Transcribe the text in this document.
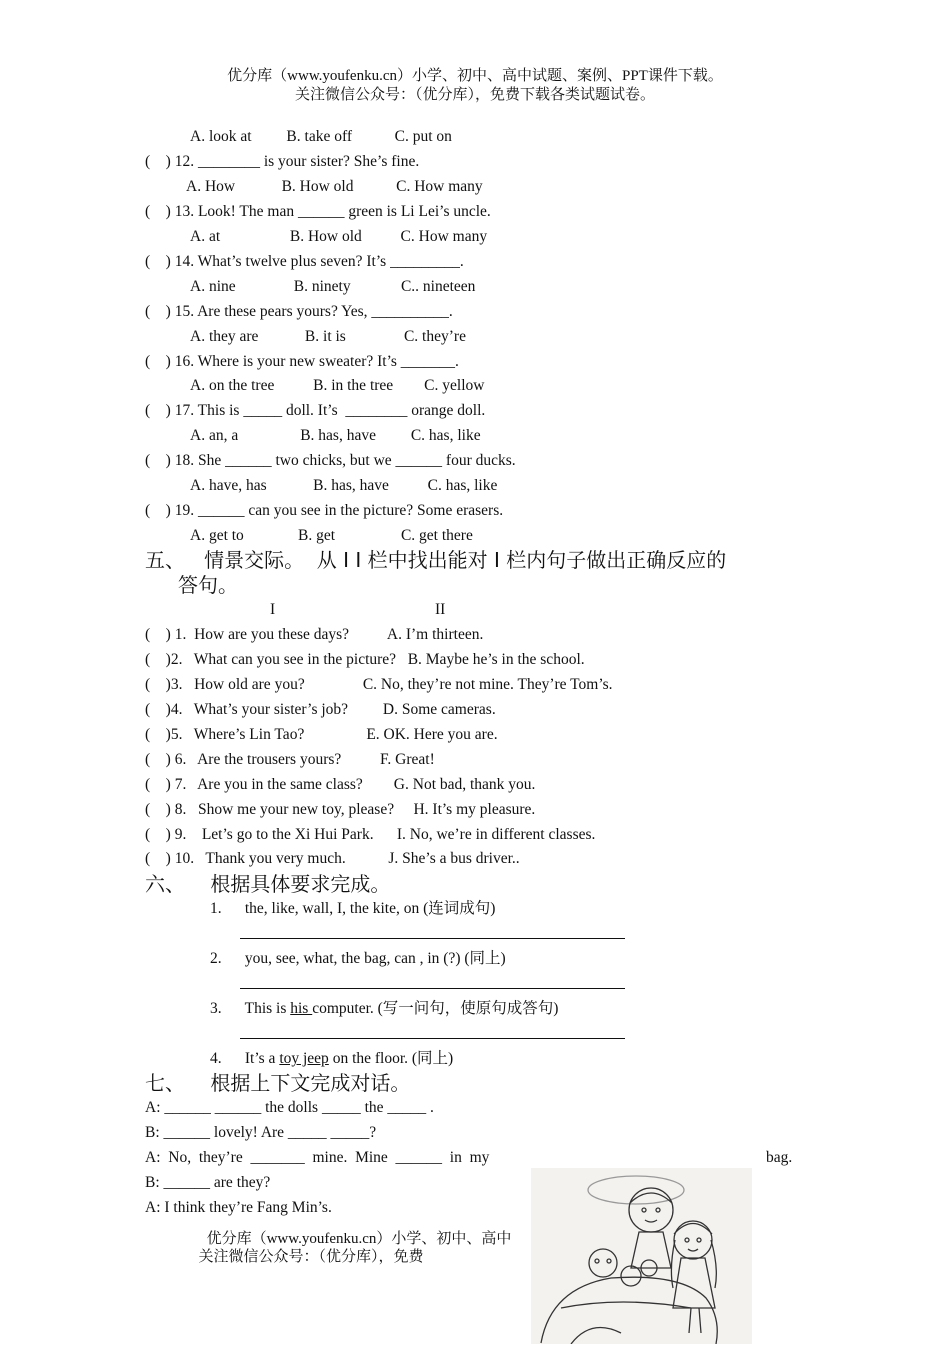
优分库（www.youfenku.cn）小学、初中、高中试题、案例、PPT课件下载。
关注微信公众号：（优分库），免费下载各类试题试卷。
A. look at         B. take off           C. put on
(    ) 12. ________ is your sister? She’s fine.
A. How            B. How old           C. How many
(    ) 13. Look! The man ______ green is Li Lei’s uncle.
A. at                  B. How old          C. How many
(    ) 14. What’s twelve plus seven? It’s _________.
A. nine               B. ninety             C.. nineteen
(    ) 15. Are these pears yours? Yes, __________.
A. they are            B. it is               C. they’re
(    ) 16. Where is your new sweater? It’s _______.
A. on the tree          B. in the tree        C. yellow
(    ) 17. This is _____ doll. It’s  ________ orange doll.
A. an, a                B. has, have         C. has, like
(    ) 18. She ______ two chicks, but we ______ four ducks.
A. have, has            B. has, have          C. has, like
(    ) 19. ______ can you see in the picture? Some erasers.
A. get to              B. get                 C. get there
五、   情景交际。  从 I I 栏中找出能对 I 栏内句子做出正确反应的
答句。
I	II
(    ) 1.  How are you these days?          A. I’m thirteen.
(    )2.   What can you see in the picture?   B. Maybe he’s in the school.
(    )3.   How old are you?               C. No, they’re not mine. They’re Tom’s.
(    )4.   What’s your sister’s job?         D. Some cameras.
(    )5.   Where’s Lin Tao?                E. OK. Here you are.
(    ) 6.   Are the trousers yours?          F. Great!
(    ) 7.   Are you in the same class?        G. Not bad, thank you.
(    ) 8.   Show me your new toy, please?     H. It’s my pleasure.
(    ) 9.    Let’s go to the Xi Hui Park.      I. No, we’re in different classes.
(    ) 10.   Thank you very much.           J. She’s a bus driver..
六、    根据具体要求完成。
1.      the, like, wall, I, the kite, on (连词成句)
2.      you, see, what, the bag, can , in (?) (同上)
3.      This is his computer. (写一问句，使原句成答句)
4.      It’s a toy jeep on the floor. (同上)
七、    根据上下文完成对话。
A: ______ ______ the dolls _____ the _____ .
B: ______ lovely! Are _____ _____?
A:  No,  they’re  _______  mine.  Mine  ______  in  my	bag.
B: ______ are they?
A: I think they’re Fang Min’s.
优分库（www.youfenku.cn）小学、初中、高中
关注微信公众号：（优分库），免费
